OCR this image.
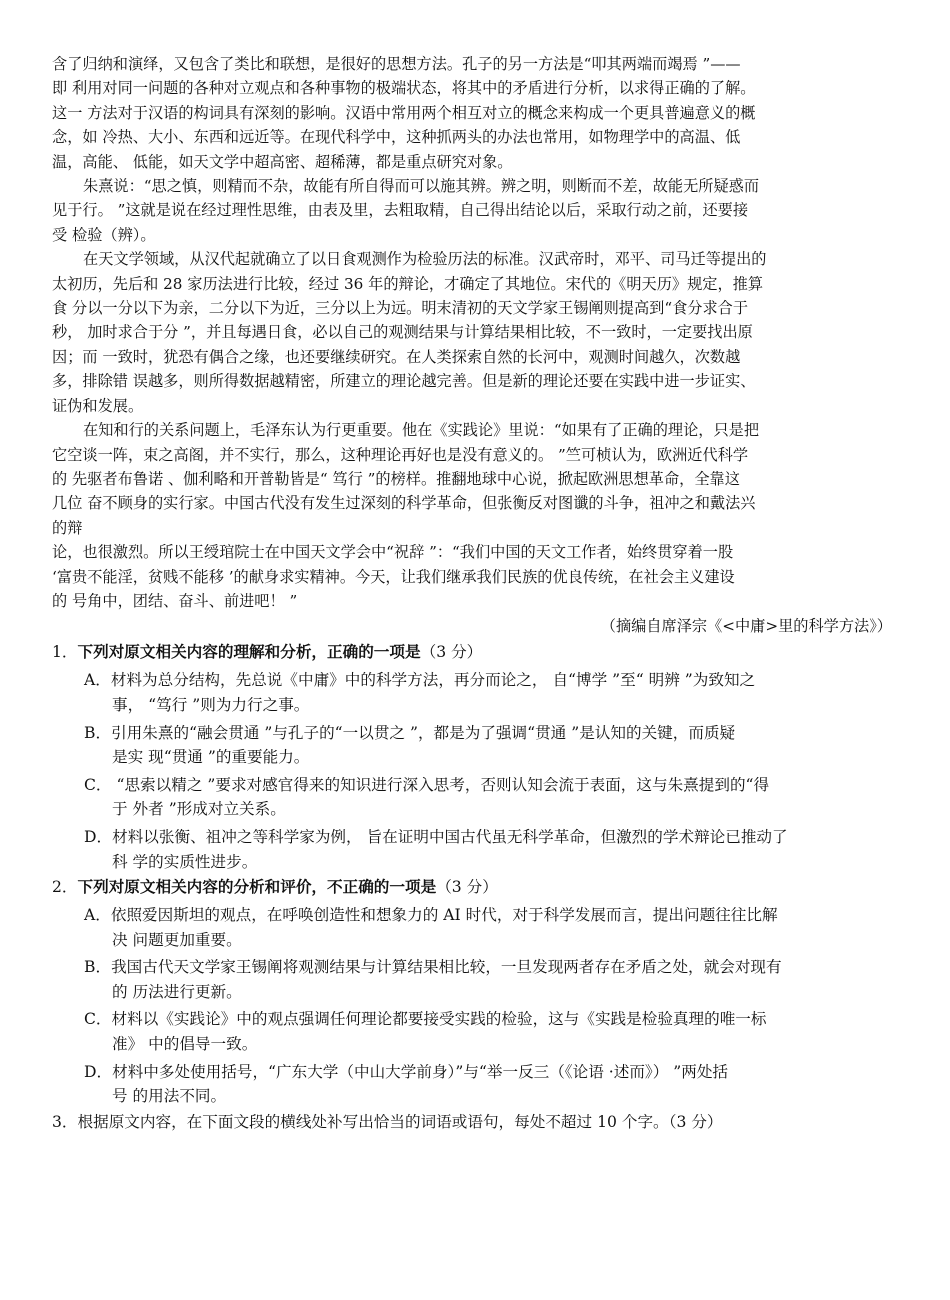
含了归纳和演绎，又包含了类比和联想，是很好的思想方法。孔子的另一方法是“叩其两端而竭焉 ”——
即 利用对同一问题的各种对立观点和各种事物的极端状态，将其中的矛盾进行分析，以求得正确的了解。
这一 方法对于汉语的构词具有深刻的影响。汉语中常用两个相互对立的概念来构成一个更具普遍意义的概
念，如 冷热、大小、东西和远近等。在现代科学中，这种抓两头的办法也常用，如物理学中的高温、低
温，高能、 低能，如天文学中超高密、超稀薄，都是重点研究对象。

朱熹说：“思之慎，则精而不杂，故能有所自得而可以施其辨。辨之明，则断而不差，故能无所疑惑而
见于行。 ”这就是说在经过理性思维，由表及里，去粗取精，自己得出结论以后，采取行动之前，还要接
受 检验（辨）。

在天文学领域，从汉代起就确立了以日食观测作为检验历法的标准。汉武帝时，邓平、司马迁等提出的
太初历，先后和 28 家历法进行比较，经过 36 年的辩论，才确定了其地位。宋代的《明天历》规定，推算
食 分以一分以下为亲，二分以下为近，三分以上为远。明末清初的天文学家王锡阐则提高到“食分求合于
秒， 加时求合于分 ”，并且每遇日食，必以自己的观测结果与计算结果相比较，不一致时，一定要找出原
因；而 一致时，犹恐有偶合之缘，也还要继续研究。在人类探索自然的长河中，观测时间越久，次数越
多，排除错 误越多，则所得数据越精密，所建立的理论越完善。但是新的理论还要在实践中进一步证实、
证伪和发展。

在知和行的关系问题上，毛泽东认为行更重要。他在《实践论》里说：“如果有了正确的理论，只是把
它空谈一阵，束之高阁，并不实行，那么，这种理论再好也是没有意义的。 ”竺可桢认为，欧洲近代科学
的 先驱者布鲁诺 、伽利略和开普勒皆是“ 笃行 ”的榜样。推翻地球中心说，掀起欧洲思想革命，全靠这
几位 奋不顾身的实行家。中国古代没有发生过深刻的科学革命，但张衡反对图谶的斗争，祖冲之和戴法兴
的辩
论，也很激烈。所以王绶琯院士在中国天文学会中“祝辞 ”：“我们中国的天文工作者，始终贯穿着一股
‘富贵不能淫，贫贱不能移 ’的献身求实精神。今天，让我们继承我们民族的优良传统，在社会主义建设
的 号角中，团结、奋斗、前进吧！ ”

（摘编自席泽宗《<中庸>里的科学方法》）

1．下列对原文相关内容的理解和分析，正确的一项是（3 分）

A．材料为总分结构，先总说《中庸》中的科学方法，再分而论之， 自“博学 ”至“ 明辨 ”为致知之
事， “笃行 ”则为力行之事。
B．引用朱熹的“融会贯通 ”与孔子的“一以贯之 ”，都是为了强调“贯通 ”是认知的关键，而质疑
是实 现“贯通 ”的重要能力。
C． “思索以精之 ”要求对感官得来的知识进行深入思考，否则认知会流于表面，这与朱熹提到的“得
于 外者 ”形成对立关系。
D．材料以张衡、祖冲之等科学家为例， 旨在证明中国古代虽无科学革命，但激烈的学术辩论已推动了
科 学的实质性进步。

2．下列对原文相关内容的分析和评价，不正确的一项是（3 分）

A．依照爱因斯坦的观点，在呼唤创造性和想象力的 AI 时代，对于科学发展而言，提出问题往往比解
决 问题更加重要。
B．我国古代天文学家王锡阐将观测结果与计算结果相比较，一旦发现两者存在矛盾之处，就会对现有
的 历法进行更新。
C．材料以《实践论》中的观点强调任何理论都要接受实践的检验，这与《实践是检验真理的唯一标
准》 中的倡导一致。
D．材料中多处使用括号，“广东大学（中山大学前身）”与“举一反三（《论语 ·述而》） ”两处括
号 的用法不同。

3．根据原文内容，在下面文段的横线处补写出恰当的词语或语句，每处不超过 10 个字。（3 分）
